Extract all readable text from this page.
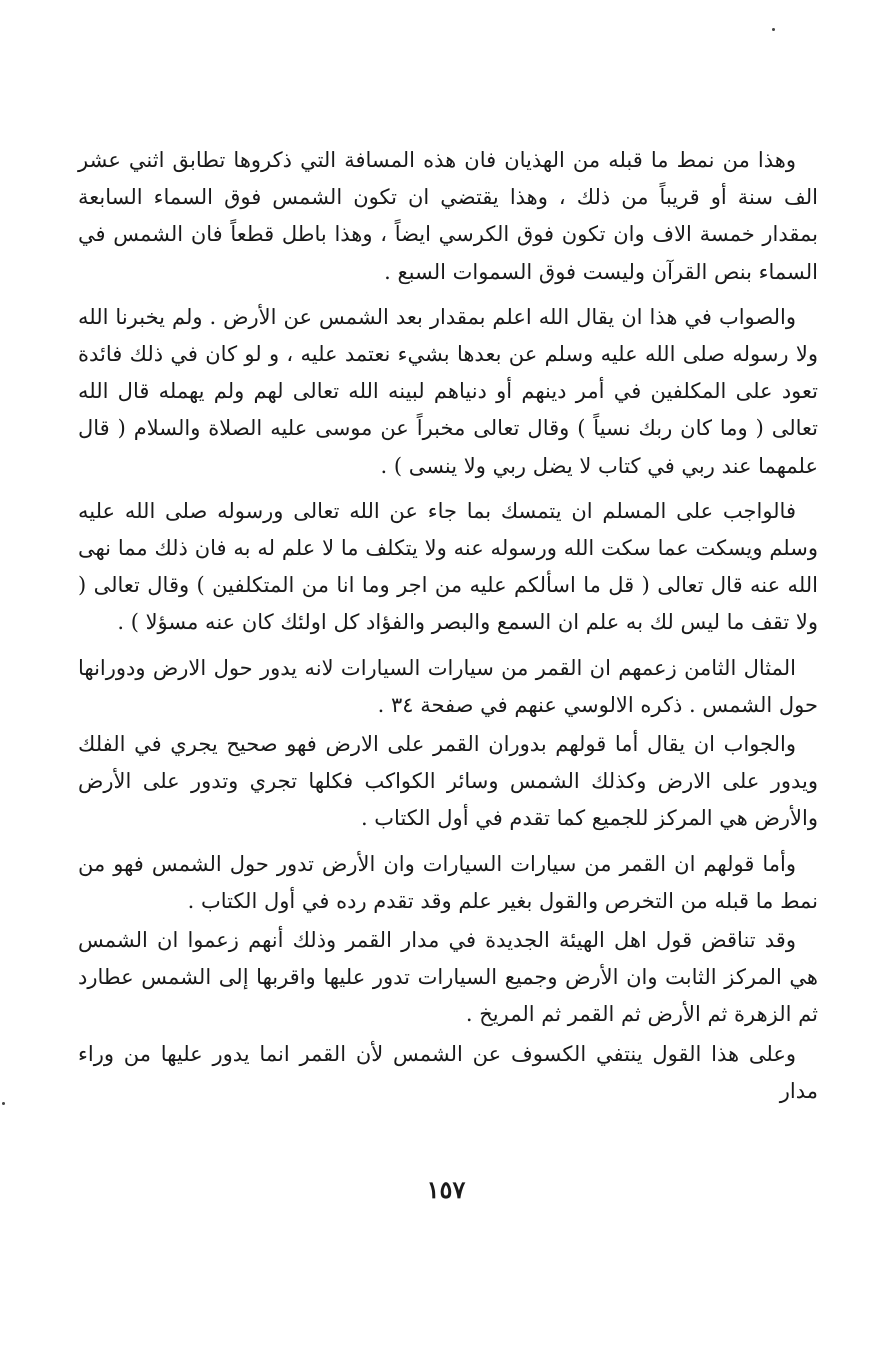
وهذا من نمط ما قبله من الهذيان فان هذه المسافة التي ذكروها تطابق اثني عشر الف سنة أو قريباً من ذلك ، وهذا يقتضي ان تكون الشمس فوق السماء السابعة بمقدار خمسة الاف وان تكون فوق الكرسي ايضاً ، وهذا باطل قطعاً فان الشمس في السماء بنص القرآن وليست فوق السموات السبع .

والصواب في هذا ان يقال الله اعلم بمقدار بعد الشمس عن الأرض . ولم يخبرنا الله ولا رسوله صلى الله عليه وسلم عن بعدها بشيء نعتمد عليه ، و لو كان في ذلك فائدة تعود على المكلفين في أمر دينهم أو دنياهم لبينه الله تعالى لهم ولم يهمله قال الله تعالى ( وما كان ربك نسياً ) وقال تعالى مخبراً عن موسى عليه الصلاة والسلام ( قال علمهما عند ربي في كتاب لا يضل ربي ولا ينسى ) .

فالواجب على المسلم ان يتمسك بما جاء عن الله تعالى ورسوله صلى الله عليه وسلم ويسكت عما سكت الله ورسوله عنه ولا يتكلف ما لا علم له به فان ذلك مما نهى الله عنه قال تعالى ( قل ما اسألكم عليه من اجر وما انا من المتكلفين ) وقال تعالى ( ولا تقف ما ليس لك به علم ان السمع والبصر والفؤاد كل اولئك كان عنه مسؤلا ) .

المثال الثامن زعمهم ان القمر من سيارات السيارات لانه يدور حول الارض ودورانها حول الشمس . ذكره الالوسي عنهم في صفحة ٣٤ .

والجواب ان يقال أما قولهم بدوران القمر على الارض فهو صحيح يجري في الفلك ويدور على الارض وكذلك الشمس وسائر الكواكب فكلها تجري وتدور على الأرض والأرض هي المركز للجميع كما تقدم في أول الكتاب .

وأما قولهم ان القمر من سيارات السيارات وان الأرض تدور حول الشمس فهو من نمط ما قبله من التخرص والقول بغير علم وقد تقدم رده في أول الكتاب .

وقد تناقض قول اهل الهيئة الجديدة في مدار القمر وذلك أنهم زعموا ان الشمس هي المركز الثابت وان الأرض وجميع السيارات تدور عليها واقربها إلى الشمس عطارد ثم الزهرة ثم الأرض ثم القمر ثم المريخ .

وعلى هذا القول ينتفي الكسوف عن الشمس لأن القمر انما يدور عليها من وراء مدار

١٥٧
